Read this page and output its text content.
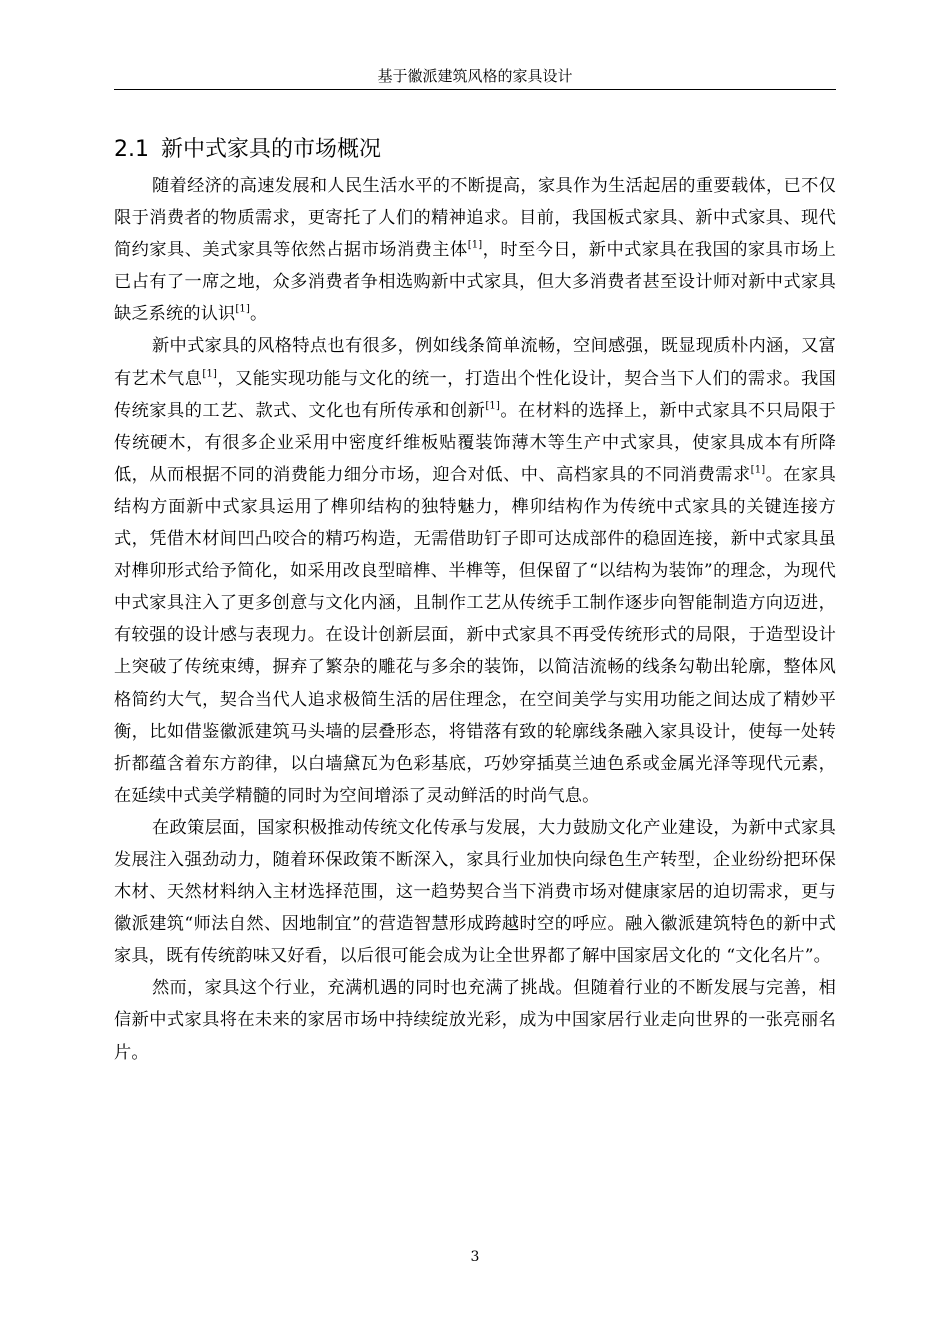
基于徽派建筑风格的家具设计
2.1 新中式家具的市场概况

随着经济的高速发展和人民生活水平的不断提高，家具作为生活起居的重要载体，已不仅限于消费者的物质需求，更寄托了人们的精神追求。目前，我国板式家具、新中式家具、现代简约家具、美式家具等依然占据市场消费主体[1]，时至今日，新中式家具在我国的家具市场上已占有了一席之地，众多消费者争相选购新中式家具，但大多消费者甚至设计师对新中式家具缺乏系统的认识[1]。

新中式家具的风格特点也有很多，例如线条简单流畅，空间感强，既显现质朴内涵，又富有艺术气息[1]，又能实现功能与文化的统一，打造出个性化设计，契合当下人们的需求。我国传统家具的工艺、款式、文化也有所传承和创新[1]。在材料的选择上，新中式家具不只局限于传统硬木，有很多企业采用中密度纤维板贴覆装饰薄木等生产中式家具，使家具成本有所降低，从而根据不同的消费能力细分市场，迎合对低、中、高档家具的不同消费需求[1]。在家具结构方面新中式家具运用了榫卯结构的独特魅力，榫卯结构作为传统中式家具的关键连接方式，凭借木材间凹凸咬合的精巧构造，无需借助钉子即可达成部件的稳固连接，新中式家具虽对榫卯形式给予简化，如采用改良型暗榫、半榫等，但保留了“以结构为装饰”的理念，为现代中式家具注入了更多创意与文化内涵，且制作工艺从传统手工制作逐步向智能制造方向迈进，有较强的设计感与表现力。在设计创新层面，新中式家具不再受传统形式的局限，于造型设计上突破了传统束缚，摒弃了繁杂的雕花与多余的装饰，以简洁流畅的线条勾勒出轮廓，整体风格简约大气，契合当代人追求极简生活的居住理念，在空间美学与实用功能之间达成了精妙平衡，比如借鉴徽派建筑马头墙的层叠形态，将错落有致的轮廓线条融入家具设计，使每一处转折都蕴含着东方韵律，以白墙黛瓦为色彩基底，巧妙穿插莫兰迪色系或金属光泽等现代元素，在延续中式美学精髓的同时为空间增添了灵动鲜活的时尚气息。

在政策层面，国家积极推动传统文化传承与发展，大力鼓励文化产业建设，为新中式家具发展注入强劲动力，随着环保政策不断深入，家具行业加快向绿色生产转型，企业纷纷把环保木材、天然材料纳入主材选择范围，这一趋势契合当下消费市场对健康家居的迫切需求，更与徽派建筑“师法自然、因地制宜”的营造智慧形成跨越时空的呼应。融入徽派建筑特色的新中式家具，既有传统韵味又好看，以后很可能会成为让全世界都了解中国家居文化的 “文化名片”。

然而，家具这个行业，充满机遇的同时也充满了挑战。但随着行业的不断发展与完善，相信新中式家具将在未来的家居市场中持续绽放光彩，成为中国家居行业走向世界的一张亮丽名片。

3
